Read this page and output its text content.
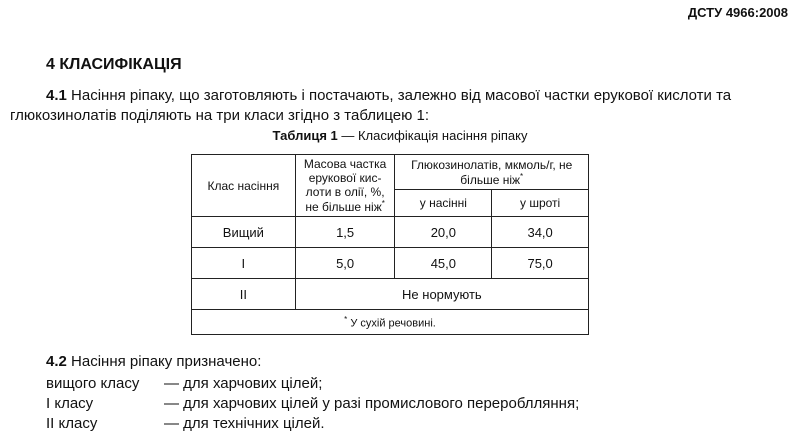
ДСТУ 4966:2008
4 КЛАСИФІКАЦІЯ
4.1 Насіння ріпаку, що заготовляють і постачають, залежно від масової частки ерукової кислоти та глюкозинолатів поділяють на три класи згідно з таблицею 1:
Таблиця 1 — Класифікація насіння ріпаку
Клас насіння	Масова частка ерукової кис-лоти в олії, %, не більше ніж*	Глюкозинолатів, мкмоль/г, не більше ніж*
		у насінні	у шроті
Вищий	1,5	20,0	34,0
I	5,0	45,0	75,0
II	Не нормують		
* У сухій речовині.			
4.2 Насіння ріпаку призначено:
вищого класу	— для харчових цілей;
I класу	— для харчових цілей у разі промислового перероблляння;
II класу	— для технічних цілей.
